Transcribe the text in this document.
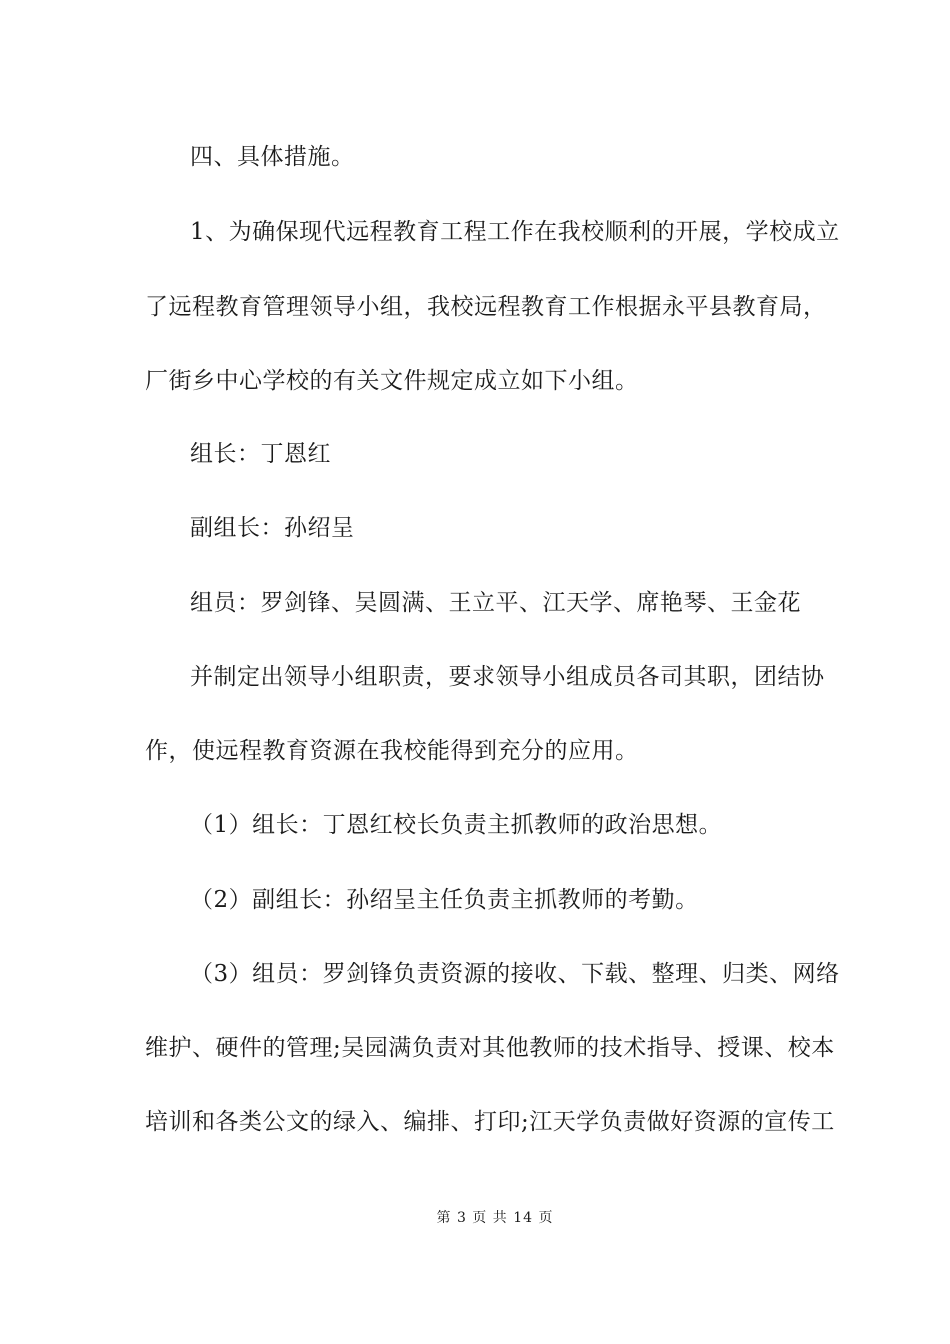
四、具体措施。
1、为确保现代远程教育工程工作在我校顺利的开展，学校成立
了远程教育管理领导小组，我校远程教育工作根据永平县教育局，
厂街乡中心学校的有关文件规定成立如下小组。
组长：丁恩红
副组长：孙绍呈
组员：罗剑锋、吴圆满、王立平、江天学、席艳琴、王金花
并制定出领导小组职责，要求领导小组成员各司其职，团结协
作，使远程教育资源在我校能得到充分的应用。
（1）组长：丁恩红校长负责主抓教师的政治思想。
（2）副组长：孙绍呈主任负责主抓教师的考勤。
（3）组员：罗剑锋负责资源的接收、下载、整理、归类、网络
维护、硬件的管理;吴园满负责对其他教师的技术指导、授课、校本
培训和各类公文的绿入、编排、打印;江天学负责做好资源的宣传工
第 3 页 共 14 页
